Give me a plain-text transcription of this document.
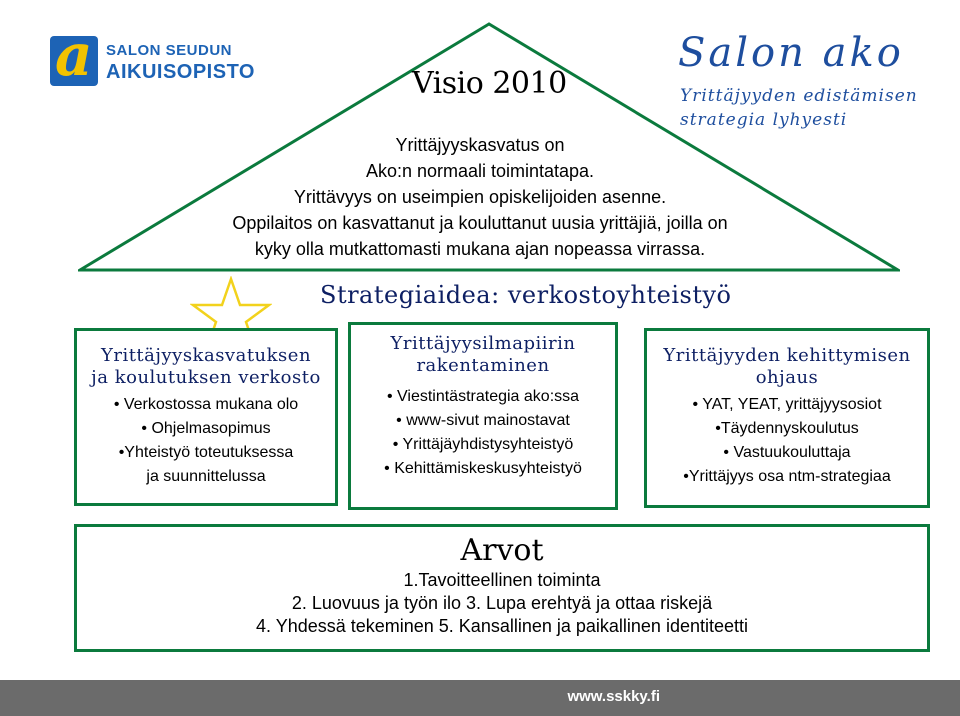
a SALON SEUDUN
AIKUISOPISTO	Visio 2010
Yrittäjyyskasvatus on
Ako:n normaali toimintatapa.
Yrittävyys on useimpien opiskelijoiden asenne.
Oppilaitos on kasvattanut ja kouluttanut uusia yrittäjiä, joilla on
kyky olla mutkattomasti mukana ajan nopeassa virrassa.
Salon ako
Yrittäjyyden edistämisen
strategia lyhyesti
Strategiaidea: verkostoyhteistyö
Yrittäjyyskasvatuksen
ja koulutuksen verkosto
• Verkostossa mukana olo
• Ohjelmasopimus
•Yhteistyö toteutuksessa
ja suunnittelussa
Yrittäjyysilmapiirin
rakentaminen
• Viestintästrategia ako:ssa
• www-sivut mainostavat
• Yrittäjäyhdistysyhteistyö
• Kehittämiskeskusyhteistyö
Yrittäjyyden kehittymisen
ohjaus
• YAT, YEAT, yrittäjyysosiot
•Täydennyskoulutus
• Vastuukouluttaja
•Yrittäjyys osa ntm-strategiaa
Arvot
1.Tavoitteellinen toiminta
2. Luovuus ja työn ilo 3. Lupa erehtyä ja ottaa riskejä
4. Yhdessä tekeminen 5. Kansallinen ja paikallinen identiteetti
www.sskky.fi
